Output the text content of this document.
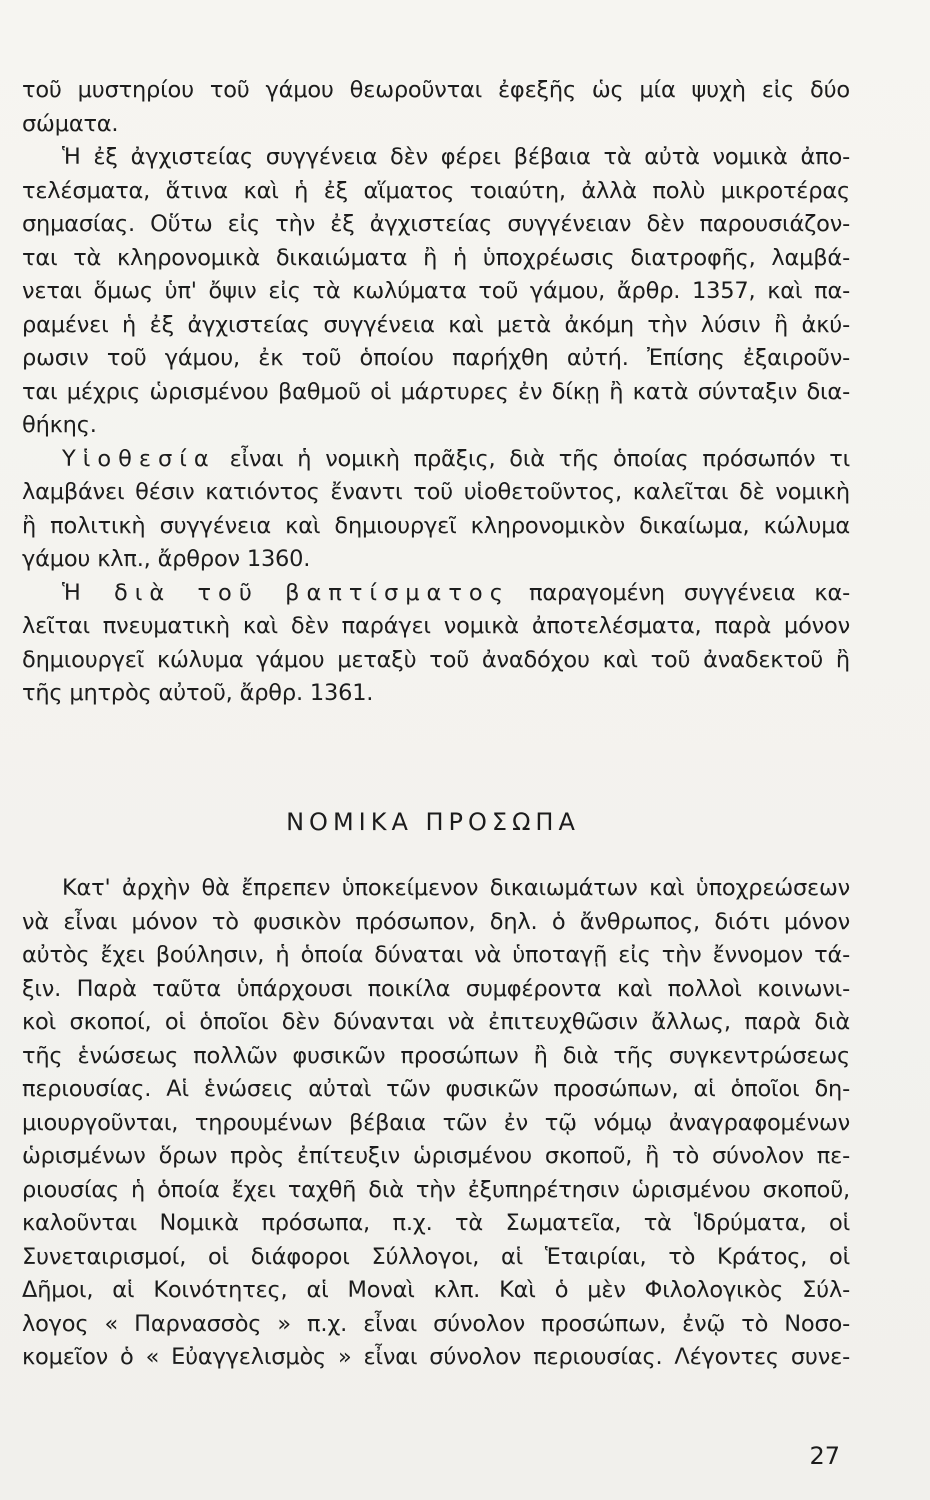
τοῦ μυστηρίου τοῦ γάμου θεωροῦνται ἐφεξῆς ὡς μία ψυχὴ εἰς δύο

σώματα.

Ἡ ἐξ ἀγχιστείας συγγένεια δὲν φέρει βέβαια τὰ αὐτὰ νομικὰ ἀπο-

τελέσματα, ἅτινα καὶ ἡ ἐξ αἵματος τοιαύτη, ἀλλὰ πολὺ μικροτέρας

σημασίας. Οὕτω εἰς τὴν ἐξ ἀγχιστείας συγγένειαν δὲν παρουσιάζον-

ται τὰ κληρονομικὰ δικαιώματα ἢ ἡ ὑποχρέωσις διατροφῆς, λαμβά-

νεται ὅμως ὑπ' ὄψιν εἰς τὰ κωλύματα τοῦ γάμου, ἄρθρ. 1357, καὶ πα-

ραμένει ἡ ἐξ ἀγχιστείας συγγένεια καὶ μετὰ ἀκόμη τὴν λύσιν ἢ ἀκύ-

ρωσιν τοῦ γάμου, ἐκ τοῦ ὁποίου παρήχθη αὐτή. Ἐπίσης ἐξαιροῦν-

ται μέχρις ὡρισμένου βαθμοῦ οἱ μάρτυρες ἐν δίκῃ ἢ κατὰ σύνταξιν δια-

θήκης.

Υἱοθεσία εἶναι ἡ νομικὴ πρᾶξις, διὰ τῆς ὁποίας πρόσωπόν τι

λαμβάνει θέσιν κατιόντος ἔναντι τοῦ υἱοθετοῦντος, καλεῖται δὲ νομικὴ

ἢ πολιτικὴ συγγένεια καὶ δημιουργεῖ κληρονομικὸν δικαίωμα, κώλυμα

γάμου κλπ., ἄρθρον 1360.

Ἡ διὰ τοῦ βαπτίσματος παραγομένη συγγένεια κα-

λεῖται πνευματικὴ καὶ δὲν παράγει νομικὰ ἀποτελέσματα, παρὰ μόνον

δημιουργεῖ κώλυμα γάμου μεταξὺ τοῦ ἀναδόχου καὶ τοῦ ἀναδεκτοῦ ἢ

τῆς μητρὸς αὐτοῦ, ἄρθρ. 1361.

ΝΟΜΙΚΑ ΠΡΟΣΩΠΑ

Κατ' ἀρχὴν θὰ ἔπρεπεν ὑποκείμενον δικαιωμάτων καὶ ὑποχρεώσεων

νὰ εἶναι μόνον τὸ φυσικὸν πρόσωπον, δηλ. ὁ ἄνθρωπος, διότι μόνον

αὐτὸς ἔχει βούλησιν, ἡ ὁποία δύναται νὰ ὑποταγῇ εἰς τὴν ἔννομον τά-

ξιν. Παρὰ ταῦτα ὑπάρχουσι ποικίλα συμφέροντα καὶ πολλοὶ κοινωνι-

κοὶ σκοποί, οἱ ὁποῖοι δὲν δύνανται νὰ ἐπιτευχθῶσιν ἄλλως, παρὰ διὰ

τῆς ἑνώσεως πολλῶν φυσικῶν προσώπων ἢ διὰ τῆς συγκεντρώσεως

περιουσίας. Αἱ ἑνώσεις αὐταὶ τῶν φυσικῶν προσώπων, αἱ ὁποῖοι δη-

μιουργοῦνται, τηρουμένων βέβαια τῶν ἐν τῷ νόμῳ ἀναγραφομένων

ὡρισμένων ὅρων πρὸς ἐπίτευξιν ὡρισμένου σκοποῦ, ἢ τὸ σύνολον πε-

ριουσίας ἡ ὁποία ἔχει ταχθῆ διὰ τὴν ἐξυπηρέτησιν ὡρισμένου σκοποῦ,

καλοῦνται Νομικὰ πρόσωπα, π.χ. τὰ Σωματεῖα, τὰ Ἱδρύματα, οἱ

Συνεταιρισμοί, οἱ διάφοροι Σύλλογοι, αἱ Ἑταιρίαι, τὸ Κράτος, οἱ

Δῆμοι, αἱ Κοινότητες, αἱ Μοναὶ κλπ. Καὶ ὁ μὲν Φιλολογικὸς Σύλ-

λογος « Παρνασσὸς » π.χ. εἶναι σύνολον προσώπων, ἐνῷ τὸ Νοσο-

κομεῖον ὁ « Εὐαγγελισμὸς » εἶναι σύνολον περιουσίας. Λέγοντες συνε-

27
